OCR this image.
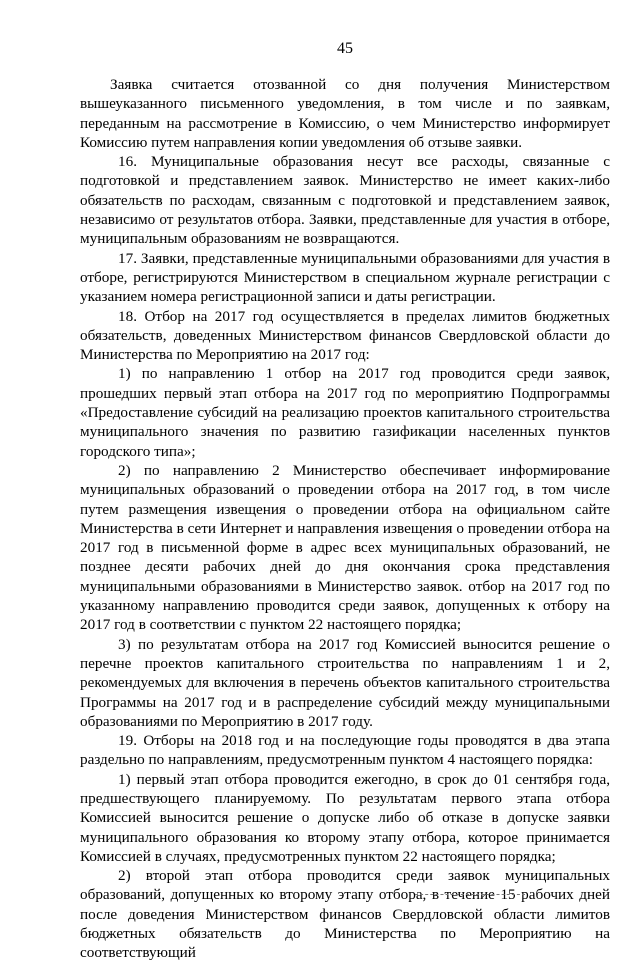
45

Заявка считается отозванной со дня получения Министерством вышеуказанного письменного уведомления, в том числе и по заявкам, переданным на рассмотрение в Комиссию, о чем Министерство информирует Комиссию путем направления копии уведомления об отзыве заявки.

16. Муниципальные образования несут все расходы, связанные с подготовкой и представлением заявок. Министерство не имеет каких-либо обязательств по расходам, связанным с подготовкой и представлением заявок, независимо от результатов отбора. Заявки, представленные для участия в отборе, муниципальным образованиям не возвращаются.

17. Заявки, представленные муниципальными образованиями для участия в отборе, регистрируются Министерством в специальном журнале регистрации с указанием номера регистрационной записи и даты регистрации.

18. Отбор на 2017 год осуществляется в пределах лимитов бюджетных обязательств, доведенных Министерством финансов Свердловской области до Министерства по Мероприятию на 2017 год:

1) по направлению 1 отбор на 2017 год проводится среди заявок, прошедших первый этап отбора на 2017 год по мероприятию Подпрограммы «Предоставление субсидий на реализацию проектов капитального строительства муниципального значения по развитию газификации населенных пунктов городского типа»;

2) по направлению 2 Министерство обеспечивает информирование муниципальных образований о проведении отбора на 2017 год, в том числе путем размещения извещения о проведении отбора на официальном сайте Министерства в сети Интернет и направления извещения о проведении отбора на 2017 год в письменной форме в адрес всех муниципальных образований, не позднее десяти рабочих дней до дня окончания срока представления муниципальными образованиями в Министерство заявок. отбор на 2017 год по указанному направлению проводится среди заявок, допущенных к отбору на 2017 год в соответствии с пунктом 22 настоящего порядка;

3) по результатам отбора на 2017 год Комиссией выносится решение о перечне проектов капитального строительства по направлениям 1 и 2, рекомендуемых для включения в перечень объектов капитального строительства Программы на 2017 год и в распределение субсидий между муниципальными образованиями по Мероприятию в 2017 году.

19. Отборы на 2018 год и на последующие годы проводятся в два этапа раздельно по направлениям, предусмотренным пунктом 4 настоящего порядка:

1) первый этап отбора проводится ежегодно, в срок до 01 сентября года, предшествующего планируемому. По результатам первого этапа отбора Комиссией выносится решение о допуске либо об отказе в допуске заявки муниципального образования ко второму этапу отбора, которое принимается Комиссией в случаях, предусмотренных пунктом 22 настоящего порядка;

2) второй этап отбора проводится среди заявок муниципальных образований, допущенных ко второму этапу отбора, в течение 15 рабочих дней после доведения Министерством финансов Свердловской области лимитов бюджетных обязательств до Министерства по Мероприятию на соответствующий
